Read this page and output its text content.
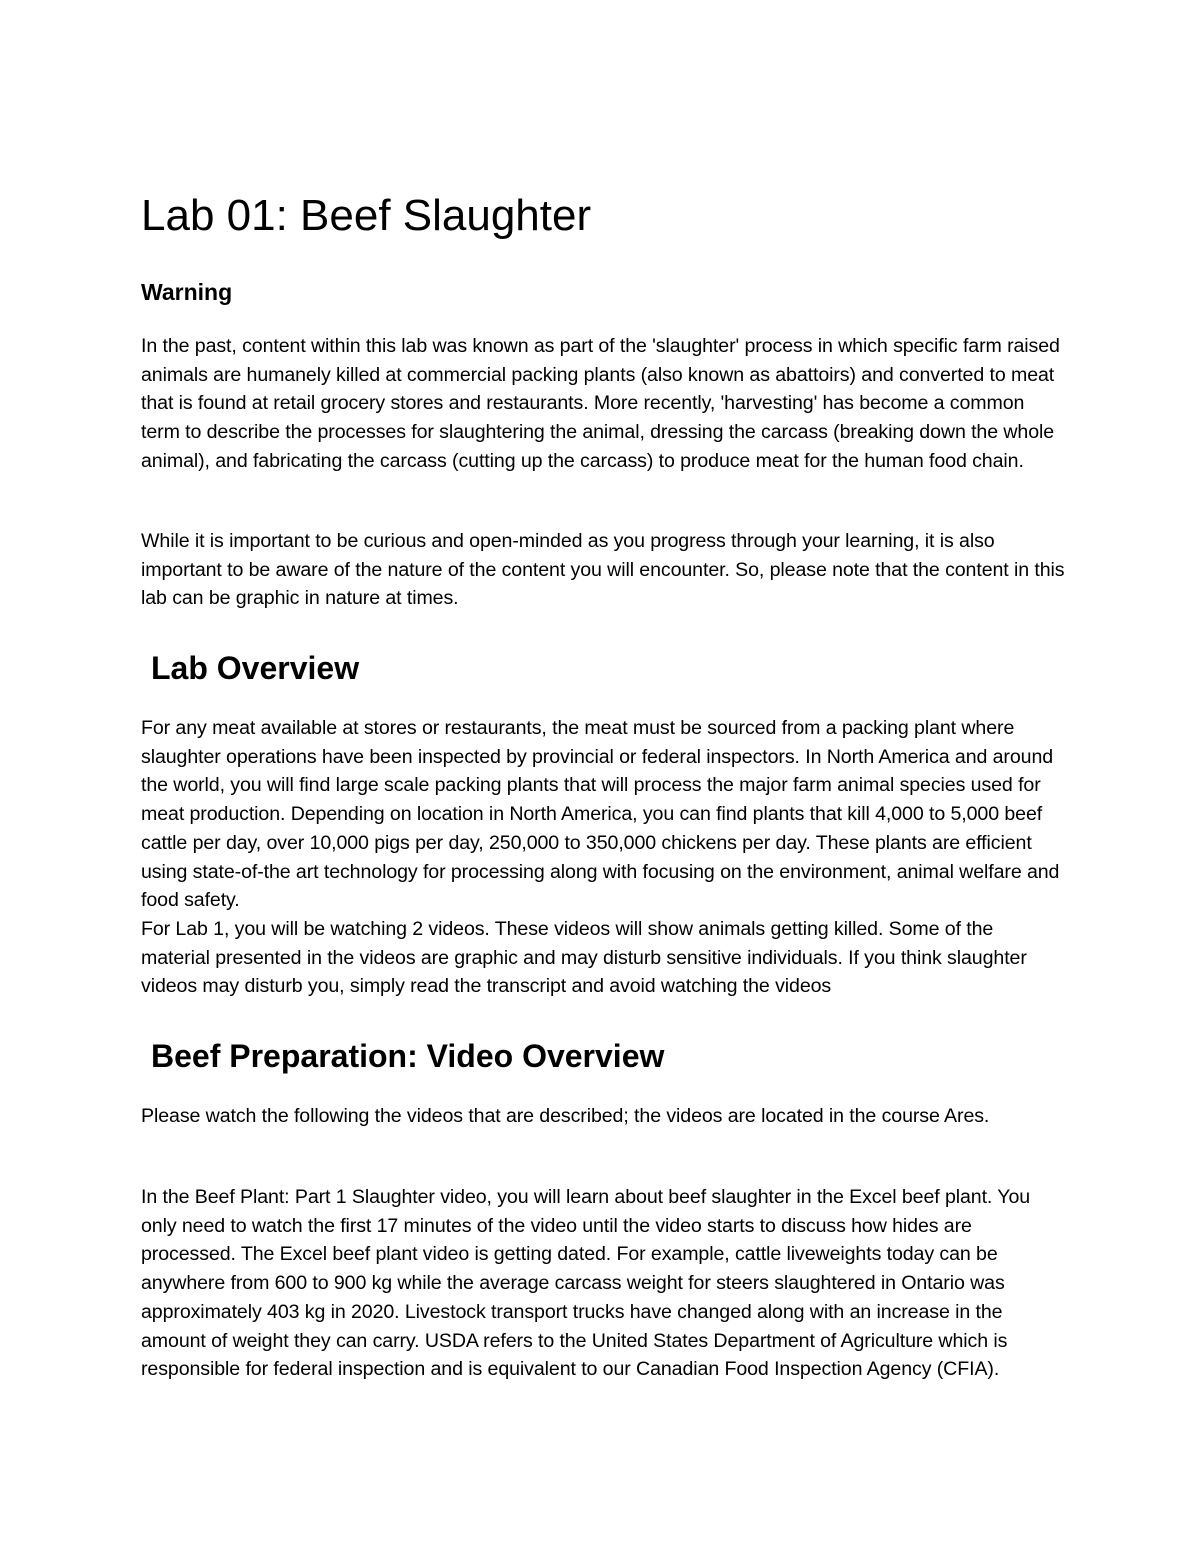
Lab 01: Beef Slaughter
Warning

In the past, content within this lab was known as part of the 'slaughter' process in which specific farm raised animals are humanely killed at commercial packing plants (also known as abattoirs) and converted to meat that is found at retail grocery stores and restaurants. More recently, 'harvesting' has become a common term to describe the processes for slaughtering the animal, dressing the carcass (breaking down the whole animal), and fabricating the carcass (cutting up the carcass) to produce meat for the human food chain.

While it is important to be curious and open-minded as you progress through your learning, it is also important to be aware of the nature of the content you will encounter. So, please note that the content in this lab can be graphic in nature at times.

Lab Overview

For any meat available at stores or restaurants, the meat must be sourced from a packing plant where slaughter operations have been inspected by provincial or federal inspectors. In North America and around the world, you will find large scale packing plants that will process the major farm animal species used for meat production. Depending on location in North America, you can find plants that kill 4,000 to 5,000 beef cattle per day, over 10,000 pigs per day, 250,000 to 350,000 chickens per day. These plants are efficient using state-of-the art technology for processing along with focusing on the environment, animal welfare and food safety.

For Lab 1, you will be watching 2 videos. These videos will show animals getting killed. Some of the material presented in the videos are graphic and may disturb sensitive individuals. If you think slaughter videos may disturb you, simply read the transcript and avoid watching the videos

Beef Preparation: Video Overview

Please watch the following the videos that are described; the videos are located in the course Ares.

In the Beef Plant: Part 1 Slaughter video, you will learn about beef slaughter in the Excel beef plant. You only need to watch the first 17 minutes of the video until the video starts to discuss how hides are processed. The Excel beef plant video is getting dated. For example, cattle liveweights today can be anywhere from 600 to 900 kg while the average carcass weight for steers slaughtered in Ontario was approximately 403 kg in 2020. Livestock transport trucks have changed along with an increase in the amount of weight they can carry. USDA refers to the United States Department of Agriculture which is responsible for federal inspection and is equivalent to our Canadian Food Inspection Agency (CFIA).
